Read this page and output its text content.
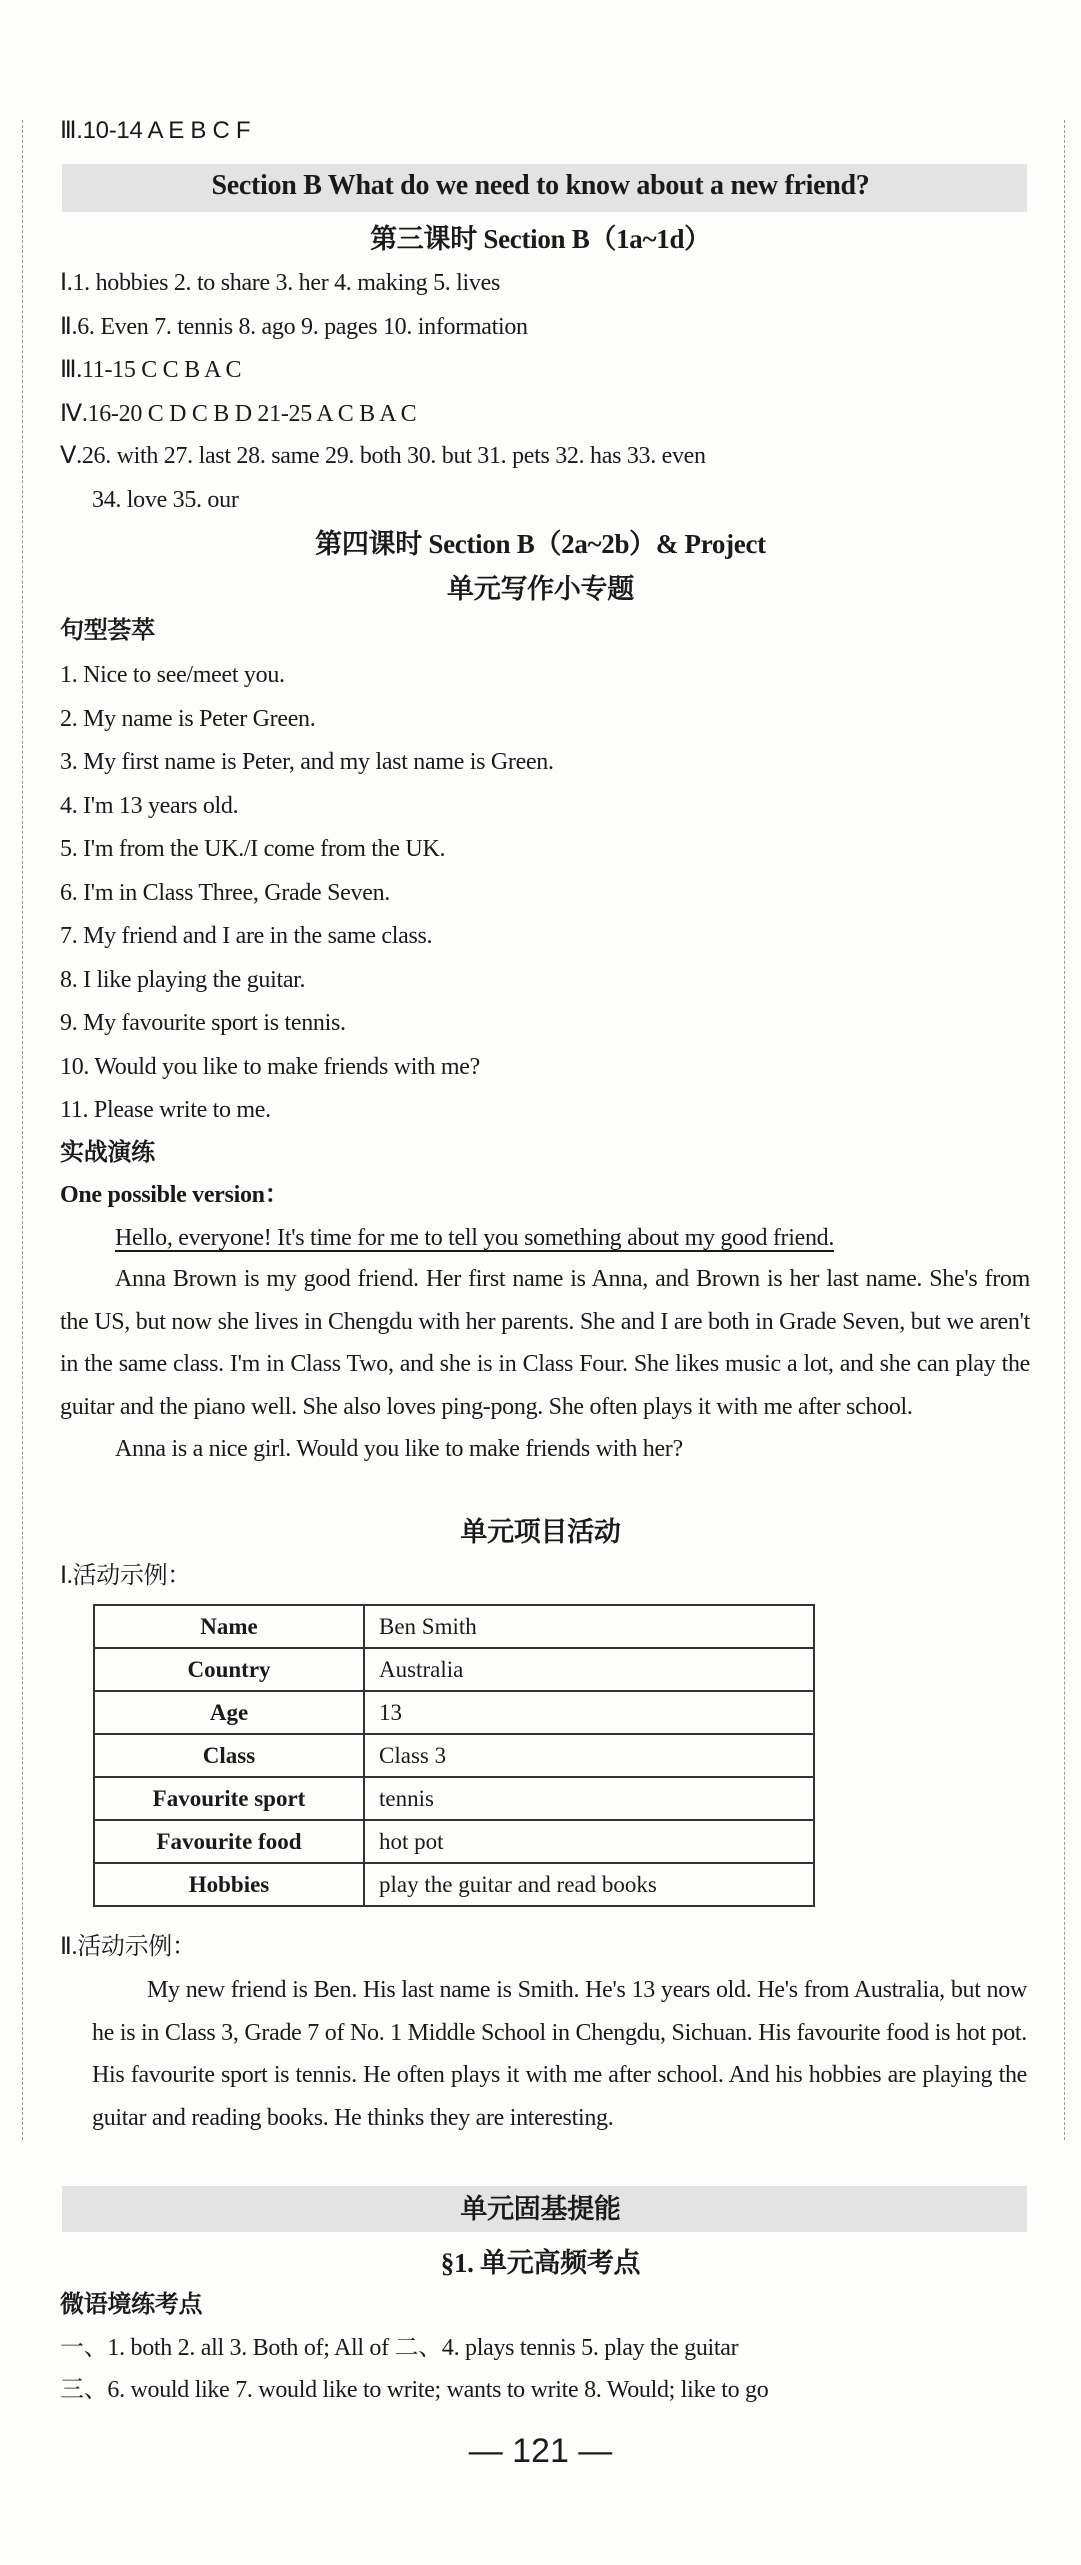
Ⅲ.10-14 A E B C F
Section B What do we need to know about a new friend?
第三课时 Section B（1a~1d）
Ⅰ.1. hobbies 2. to share 3. her 4. making 5. lives
Ⅱ.6. Even 7. tennis 8. ago 9. pages 10. information
Ⅲ.11-15 C C B A C
Ⅳ.16-20 C D C B D 21-25 A C B A C
Ⅴ.26. with 27. last 28. same 29. both 30. but 31. pets 32. has 33. even
34. love 35. our
第四课时 Section B（2a~2b）& Project
单元写作小专题
句型荟萃
1. Nice to see/meet you.
2. My name is Peter Green.
3. My first name is Peter, and my last name is Green.
4. I'm 13 years old.
5. I'm from the UK./I come from the UK.
6. I'm in Class Three, Grade Seven.
7. My friend and I are in the same class.
8. I like playing the guitar.
9. My favourite sport is tennis.
10. Would you like to make friends with me?
11. Please write to me.
实战演练
One possible version：
Hello, everyone! It's time for me to tell you something about my good friend.

Anna Brown is my good friend. Her first name is Anna, and Brown is her last name. She's from the US, but now she lives in Chengdu with her parents. She and I are both in Grade Seven, but we aren't in the same class. I'm in Class Two, and she is in Class Four. She likes music a lot, and she can play the guitar and the piano well. She also loves ping-pong. She often plays it with me after school.

Anna is a nice girl. Would you like to make friends with her?

单元项目活动
Ⅰ.活动示例：
Name	Ben Smith
Country	Australia
Age	13
Class	Class 3
Favourite sport	tennis
Favourite food	hot pot
Hobbies	play the guitar and read books
Ⅱ.活动示例：

My new friend is Ben. His last name is Smith. He's 13 years old. He's from Australia, but now he is in Class 3, Grade 7 of No. 1 Middle School in Chengdu, Sichuan. His favourite food is hot pot. His favourite sport is tennis. He often plays it with me after school. And his hobbies are playing the guitar and reading books. He thinks they are interesting.

单元固基提能
§1. 单元高频考点
微语境练考点
一、1. both 2. all 3. Both of; All of 二、4. plays tennis 5. play the guitar
三、6. would like 7. would like to write; wants to write 8. Would; like to go
— 121 —
